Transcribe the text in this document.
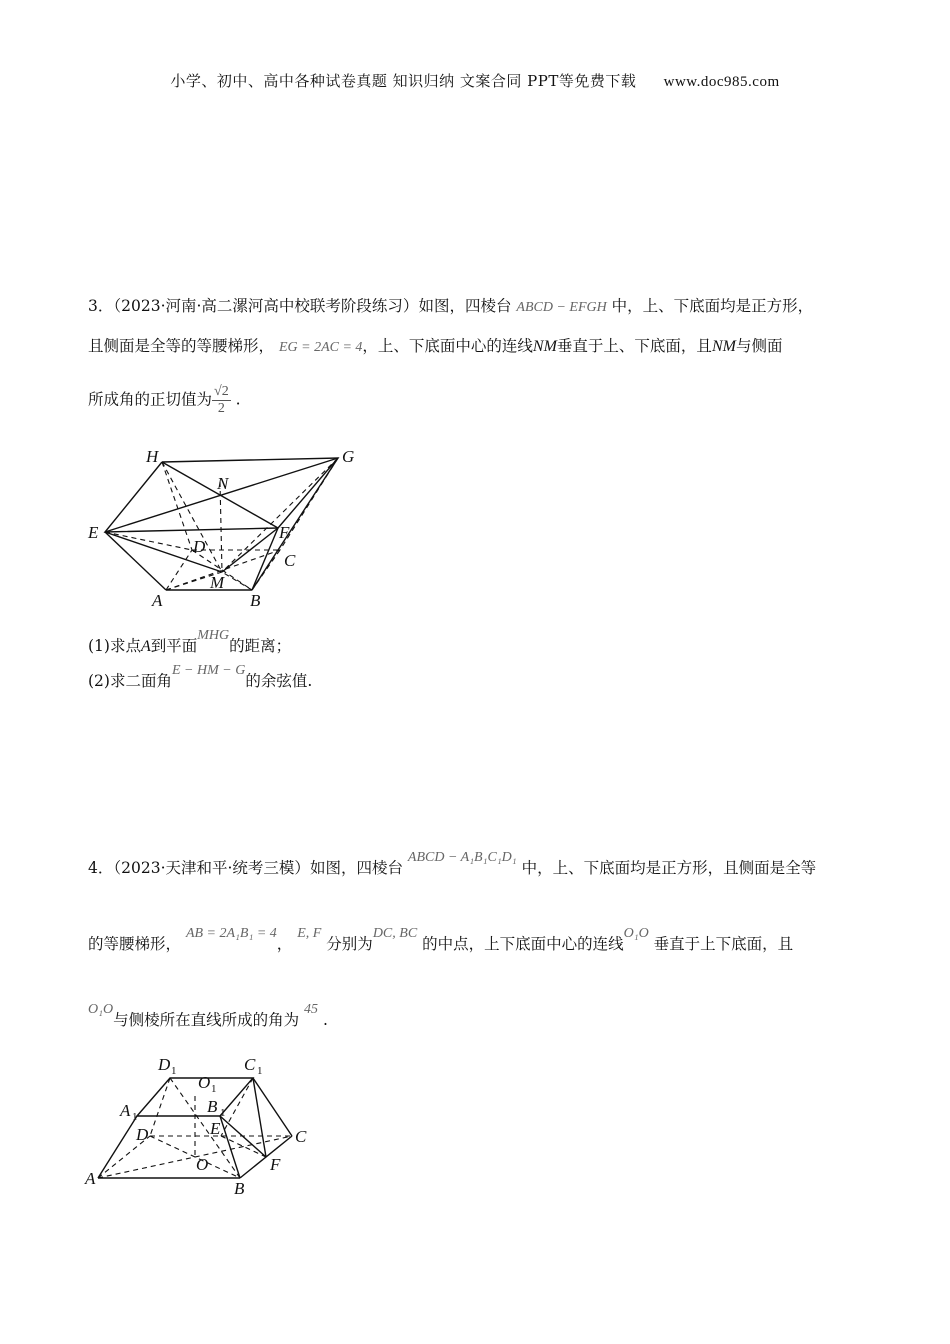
小学、初中、高中各种试卷真题 知识归纳 文案合同 PPT等免费下载 www.doc985.com
3．（2023·河南·高二漯河高中校联考阶段练习）如图，四棱台 ABCD − EFGH 中，上、下底面均是正方形，
且侧面是全等的等腰梯形， EG = 2AC = 4，上、下底面中心的连线NM垂直于上、下底面，且NM与侧面
所成角的正切值为 $\frac{√2}{2}$ .
H	G
N
E	F
D
C
M
A	B
(1)求点A到平面MHG的距离；
(2)求二面角E − HM − G的余弦值.
4．（2023·天津和平·统考三模）如图，四棱台 ABCD − A₁B₁C₁D₁ 中，上、下底面均是正方形，且侧面是全等
的等腰梯形， AB = 2A₁B₁ = 4， E, F 分别为DC, BC 的中点，上下底面中心的连线O₁O 垂直于上下底面，且
O₁O与侧棱所在直线所成的角为 45 .
D 1	C 1
O 1
A 1
B 1
D	E	C
O	F
A
B
